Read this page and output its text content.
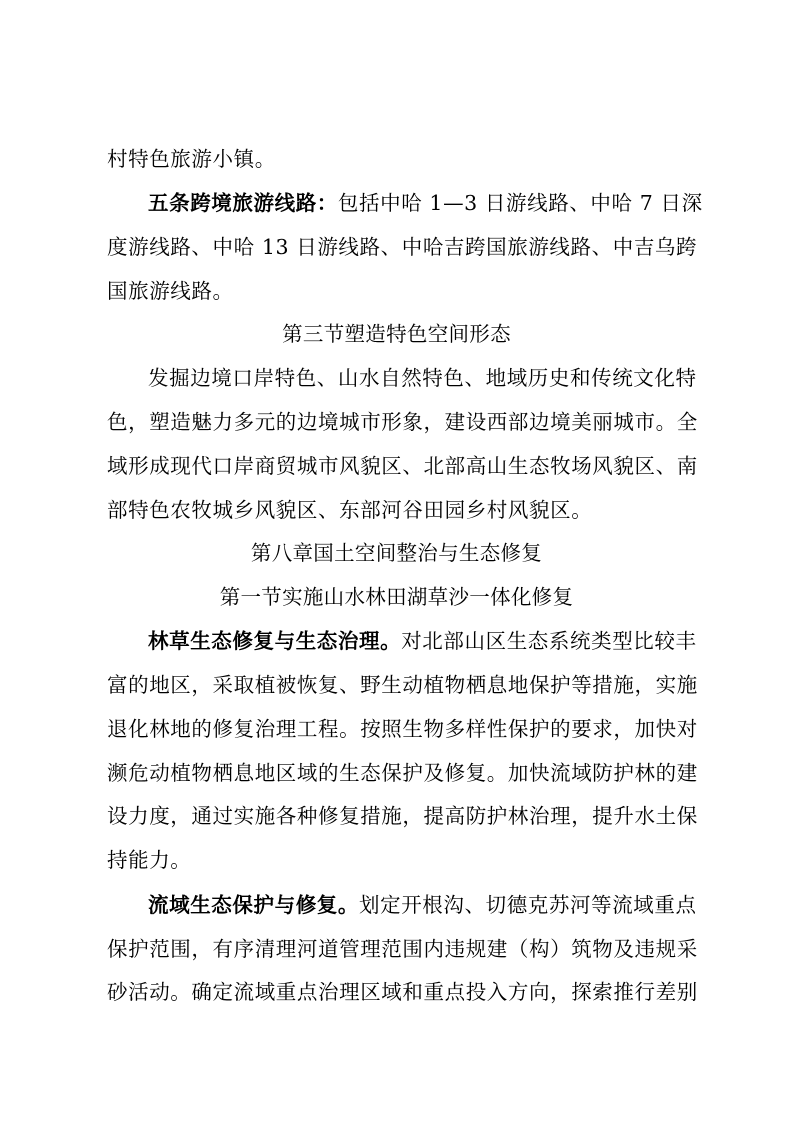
村特色旅游小镇。
五条跨境旅游线路：包括中哈 1—3 日游线路、中哈 7 日深
度游线路、中哈 13 日游线路、中哈吉跨国旅游线路、中吉乌跨
国旅游线路。
第三节塑造特色空间形态
发掘边境口岸特色、山水自然特色、地域历史和传统文化特
色，塑造魅力多元的边境城市形象，建设西部边境美丽城市。全
域形成现代口岸商贸城市风貌区、北部高山生态牧场风貌区、南
部特色农牧城乡风貌区、东部河谷田园乡村风貌区。
第八章国土空间整治与生态修复
第一节实施山水林田湖草沙一体化修复
林草生态修复与生态治理。对北部山区生态系统类型比较丰
富的地区，采取植被恢复、野生动植物栖息地保护等措施，实施
退化林地的修复治理工程。按照生物多样性保护的要求，加快对
濒危动植物栖息地区域的生态保护及修复。加快流域防护林的建
设力度，通过实施各种修复措施，提高防护林治理，提升水土保
持能力。
流域生态保护与修复。划定开根沟、切德克苏河等流域重点
保护范围，有序清理河道管理范围内违规建（构）筑物及违规采
砂活动。确定流域重点治理区域和重点投入方向，探索推行差别
